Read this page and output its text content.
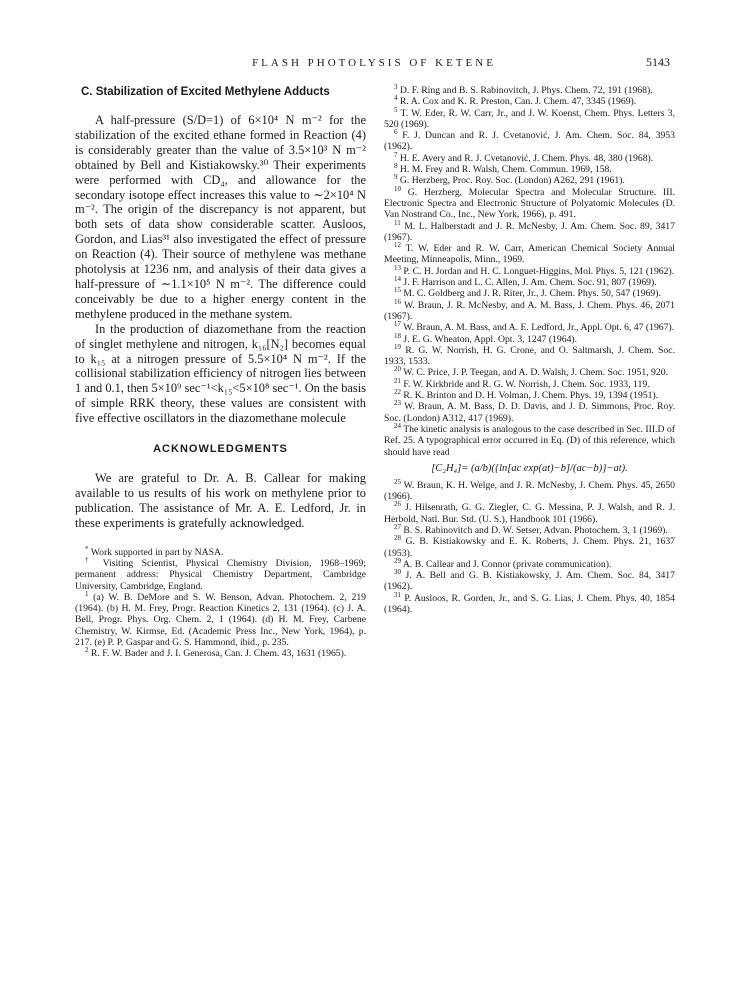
FLASH PHOTOLYSIS OF KETENE	5143
C. Stabilization of Excited Methylene Adducts

A half-pressure (S/D=1) of 6×10⁴ N m⁻² for the stabilization of the excited ethane formed in Reaction (4) is considerably greater than the value of 3.5×10³ N m⁻² obtained by Bell and Kistiakowsky.³⁰ Their experiments were performed with CD₄, and allowance for the secondary isotope effect increases this value to ∼2×10⁴ N m⁻². The origin of the discrepancy is not apparent, but both sets of data show considerable scatter. Ausloos, Gordon, and Lias³¹ also investigated the effect of pressure on Reaction (4). Their source of methylene was methane photolysis at 1236 nm, and analysis of their data gives a half-pressure of ∼1.1×10⁵ N m⁻². The difference could conceivably be due to a higher energy content in the methylene produced in the methane system.

In the production of diazomethane from the reaction of singlet methylene and nitrogen, k₁₆[N₂] becomes equal to k₁₅ at a nitrogen pressure of 5.5×10⁴ N m⁻². If the collisional stabilization efficiency of nitrogen lies between 1 and 0.1, then 5×10⁹ sec⁻¹<k₁₅<5×10⁸ sec⁻¹. On the basis of simple RRK theory, these values are consistent with five effective oscillators in the diazomethane molecule

ACKNOWLEDGMENTS

We are grateful to Dr. A. B. Callear for making available to us results of his work on methylene prior to publication. The assistance of Mr. A. E. Ledford, Jr. in these experiments is gratefully acknowledged.

* Work supported in part by NASA.

† Visiting Scientist, Physical Chemistry Division, 1968–1969; permanent address: Physical Chemistry Department, Cambridge University, Cambridge, England.

$^1$ (a) W. B. DeMore and S. W. Benson, Advan. Photochem. 2, 219 (1964). (b) H. M. Frey, Progr. Reaction Kinetics 2, 131 (1964). (c) J. A. Bell, Progr. Phys. Org. Chem. 2, 1 (1964). (d) H. M. Frey, Carbene Chemistry, W. Kirmse, Ed. (Academic Press Inc., New York, 1964), p. 217. (e) P. P. Gaspar and G. S. Hammond, ibid., p. 235.

$^2$ R. F. W. Bader and J. I. Generosa, Can. J. Chem. 43, 1631 (1965).

$^3$ D. F. Ring and B. S. Rabinovitch, J. Phys. Chem. 72, 191 (1968).

$^4$ R. A. Cox and K. R. Preston, Can. J. Chem. 47, 3345 (1969).

$^5$ T. W. Eder, R. W. Carr, Jr., and J. W. Koenst, Chem. Phys. Letters 3, 520 (1969).

$^6$ F. J. Duncan and R. J. Cvetanović, J. Am. Chem. Soc. 84, 3953 (1962).

$^7$ H. E. Avery and R. J. Cvetanović, J. Chem. Phys. 48, 380 (1968).

$^8$ H. M. Frey and R. Walsh, Chem. Commun. 1969, 158.

$^9$ G. Herzberg, Proc. Roy. Soc. (London) A262, 291 (1961).

$^{10}$ G. Herzberg, Molecular Spectra and Molecular Structure. III. Electronic Spectra and Electronic Structure of Polyatomic Molecules (D. Van Nostrand Co., Inc., New York, 1966), p. 491.

$^{11}$ M. L. Halberstadt and J. R. McNesby, J. Am. Chem. Soc. 89, 3417 (1967).

$^{12}$ T. W. Eder and R. W. Carr, American Chemical Society Annual Meeting, Minneapolis, Minn., 1969.

$^{13}$ P. C. H. Jordan and H. C. Longuet-Higgins, Mol. Phys. 5, 121 (1962).

$^{14}$ J. F. Harrison and L. C. Allen, J. Am. Chem. Soc. 91, 807 (1969).

$^{15}$ M. C. Goldberg and J. R. Riter, Jr., J. Chem. Phys. 50, 547 (1969).

$^{16}$ W. Braun, J. R. McNesby, and A. M. Bass, J. Chem. Phys. 46, 2071 (1967).

$^{17}$ W. Braun, A. M. Bass, and A. E. Ledford, Jr., Appl. Opt. 6, 47 (1967).

$^{18}$ J. E. G. Wheaton, Appl. Opt. 3, 1247 (1964).

$^{19}$ R. G. W. Norrish, H. G. Crone, and O. Saltmarsh, J. Chem. Soc. 1933, 1533.

$^{20}$ W. C. Price, J. P. Teegan, and A. D. Walsh, J. Chem. Soc. 1951, 920.

$^{21}$ F. W. Kirkbride and R. G. W. Norrish, J. Chem. Soc. 1933, 119.

$^{22}$ R. K. Brinton and D. H. Volman, J. Chem. Phys. 19, 1394 (1951).

$^{23}$ W. Braun, A. M. Bass, D. D. Davis, and J. D. Simmons, Proc. Roy. Soc. (London) A312, 417 (1969).

$^{24}$ The kinetic analysis is analogous to the case described in Sec. III.D of Ref. 25. A typographical error occurred in Eq. (D) of this reference, which should have read

[C₂H₄]= (a/b)({ln[ac exp(at)−b]/(ac−b)}−at).

$^{25}$ W. Braun, K. H. Welge, and J. R. McNesby, J. Chem. Phys. 45, 2650 (1966).

$^{26}$ J. Hilsenrath, G. G. Ziegler, C. G. Messina, P. J. Walsh, and R. J. Herbold, Natl. Bur. Std. (U. S.), Handbook 101 (1966).

$^{27}$ B. S. Rabinovitch and D. W. Setser, Advan. Photochem. 3, 1 (1969).

$^{28}$ G. B. Kistiakowsky and E. K. Roberts, J. Chem. Phys. 21, 1637 (1953).

$^{29}$ A. B. Callear and J. Connor (private communication).

$^{30}$ J. A. Bell and G. B. Kistiakowsky, J. Am. Chem. Soc. 84, 3417 (1962).

$^{31}$ P. Ausloos, R. Gorden, Jr., and S. G. Lias, J. Chem. Phys. 40, 1854 (1964).
